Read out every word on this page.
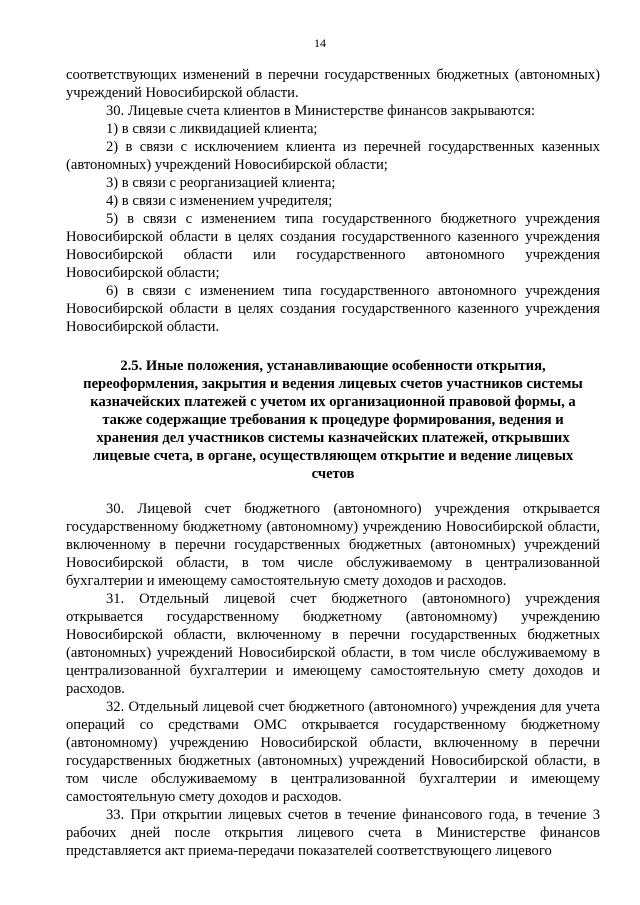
14

соответствующих изменений в перечни государственных бюджетных (автономных) учреждений Новосибирской области.

30. Лицевые счета клиентов в Министерстве финансов закрываются:

1) в связи с ликвидацией клиента;

2) в связи с исключением клиента из перечней государственных казенных (автономных) учреждений Новосибирской области;

3) в связи с реорганизацией клиента;

4) в связи с изменением учредителя;

5) в связи с изменением типа государственного бюджетного учреждения Новосибирской области в целях создания государственного казенного учреждения Новосибирской области или государственного автономного учреждения Новосибирской области;

6) в связи с изменением типа государственного автономного учреждения Новосибирской области в целях создания государственного казенного учреждения Новосибирской области.

2.5. Иные положения, устанавливающие особенности открытия, переоформления, закрытия и ведения лицевых счетов участников системы казначейских платежей с учетом их организационной правовой формы, а также содержащие требования к процедуре формирования, ведения и хранения дел участников системы казначейских платежей, открывших лицевые счета, в органе, осуществляющем открытие и ведение лицевых счетов

30. Лицевой счет бюджетного (автономного) учреждения открывается государственному бюджетному (автономному) учреждению Новосибирской области, включенному в перечни государственных бюджетных (автономных) учреждений Новосибирской области, в том числе обслуживаемому в централизованной бухгалтерии и имеющему самостоятельную смету доходов и расходов.

31. Отдельный лицевой счет бюджетного (автономного) учреждения открывается государственному бюджетному (автономному) учреждению Новосибирской области, включенному в перечни государственных бюджетных (автономных) учреждений Новосибирской области, в том числе обслуживаемому в централизованной бухгалтерии и имеющему самостоятельную смету доходов и расходов.

32. Отдельный лицевой счет бюджетного (автономного) учреждения для учета операций со средствами ОМС открывается государственному бюджетному (автономному) учреждению Новосибирской области, включенному в перечни государственных бюджетных (автономных) учреждений Новосибирской области, в том числе обслуживаемому в централизованной бухгалтерии и имеющему самостоятельную смету доходов и расходов.

33. При открытии лицевых счетов в течение финансового года, в течение 3 рабочих дней после открытия лицевого счета в Министерстве финансов представляется акт приема-передачи показателей соответствующего лицевого
